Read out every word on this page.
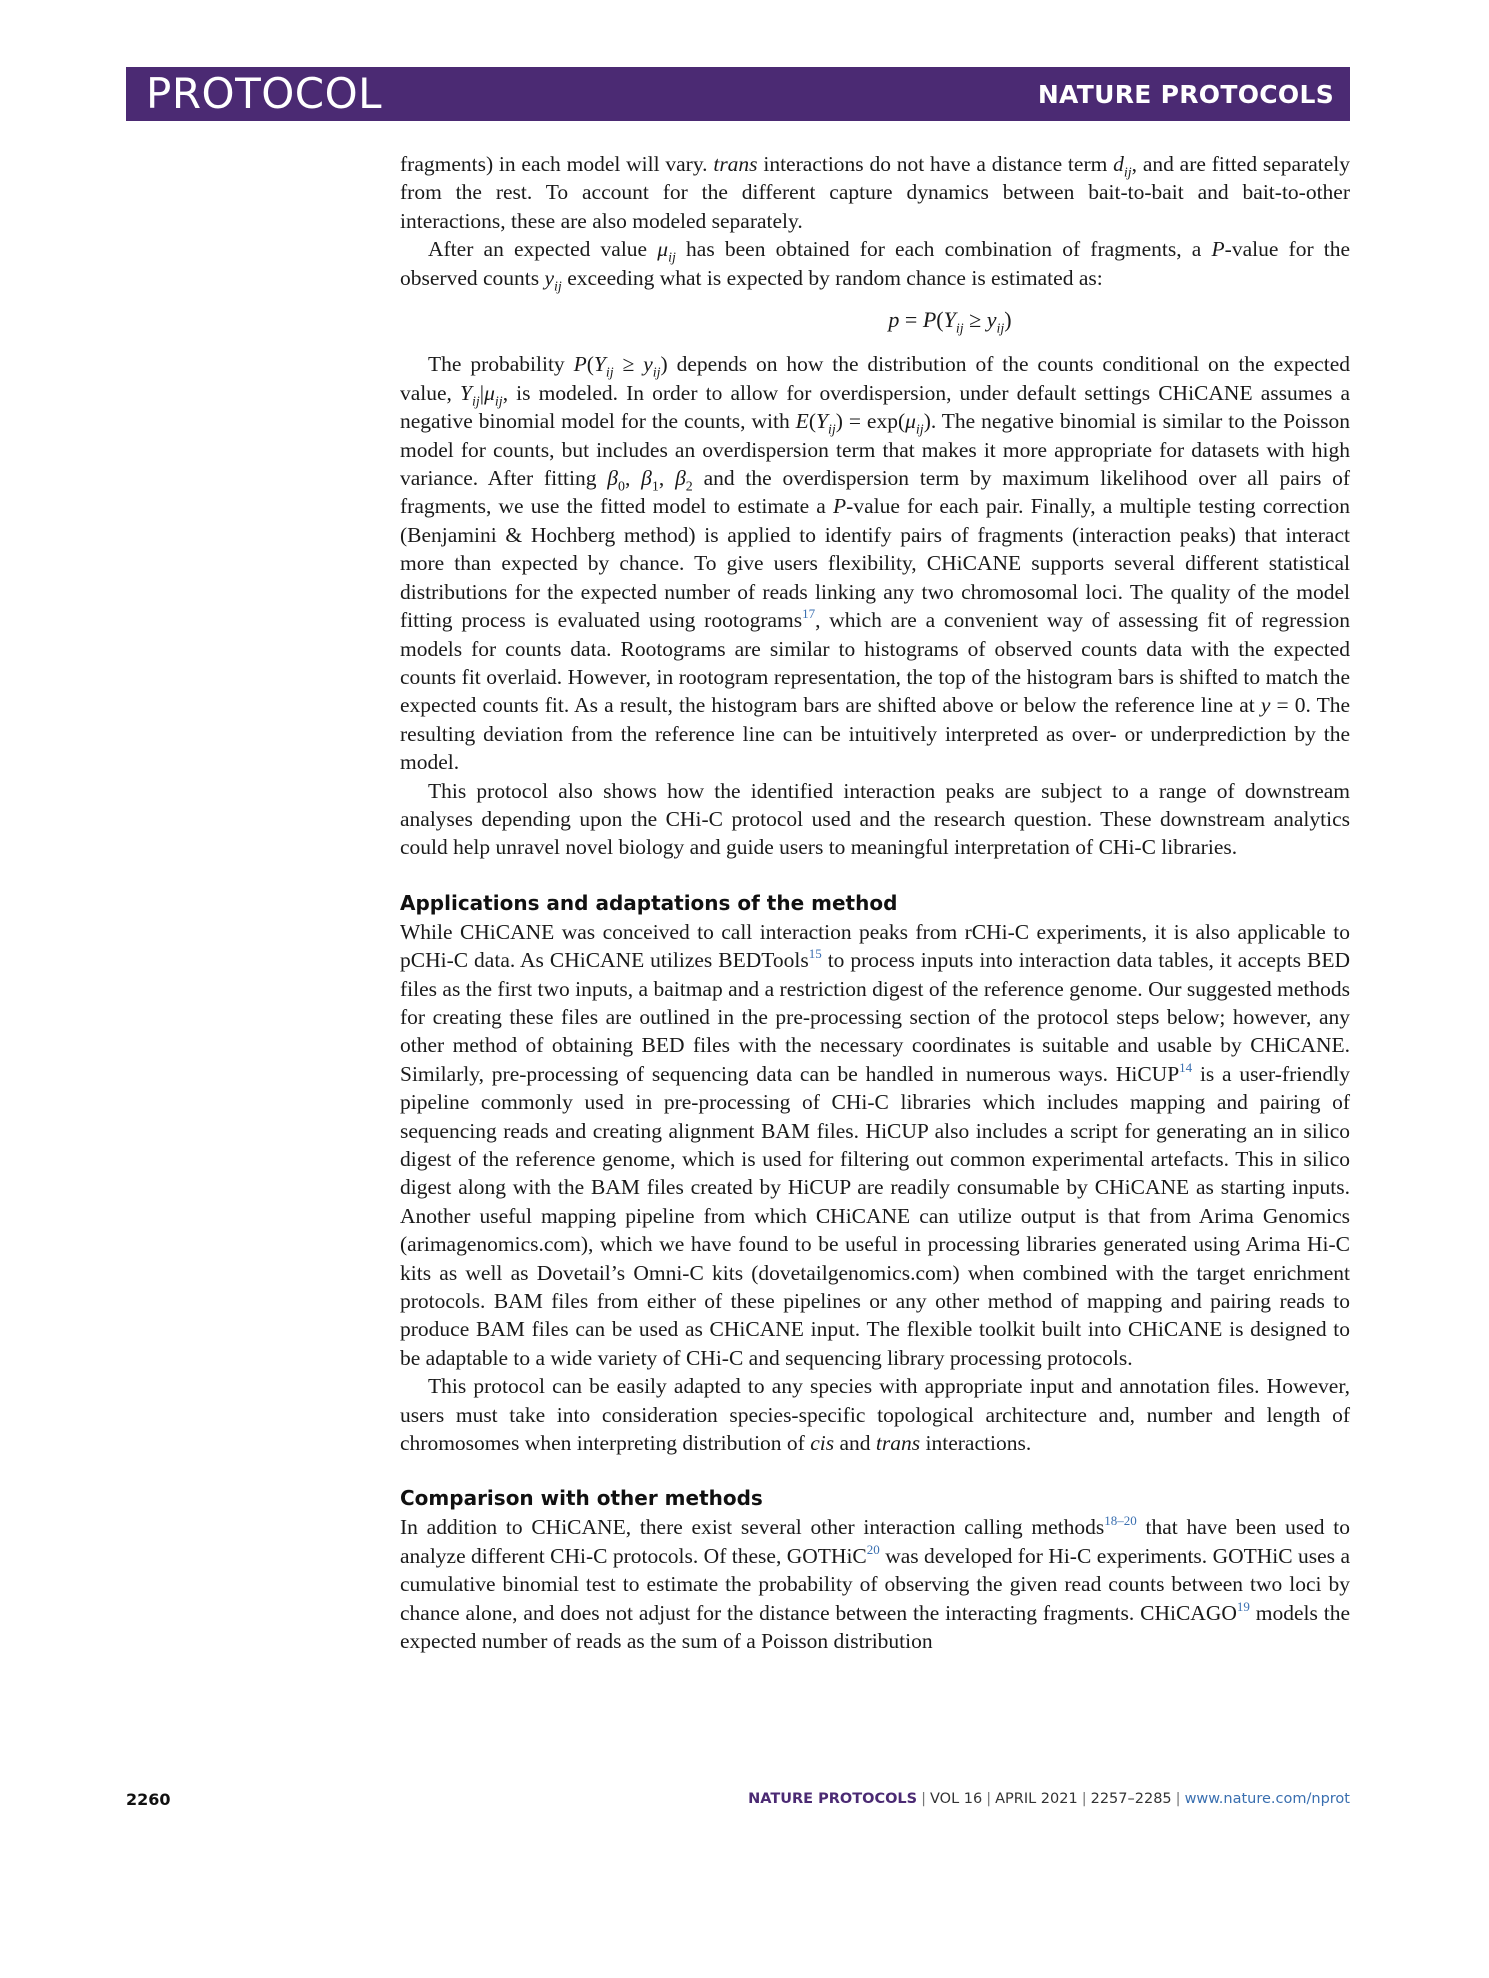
PROTOCOL	NATURE PROTOCOLS

fragments) in each model will vary. trans interactions do not have a distance term $d_{ij}$, and are fitted separately from the rest. To account for the different capture dynamics between bait-to-bait and bait-to-other interactions, these are also modeled separately.

After an expected value $\mu_{ij}$ has been obtained for each combination of fragments, a P-value for the observed counts $y_{ij}$ exceeding what is expected by random chance is estimated as:

$p = P(Y_{ij} \ge y_{ij})$

The probability $P(Y_{ij} \ge y_{ij})$ depends on how the distribution of the counts conditional on the expected value, $Y_{ij}|\mu_{ij}$, is modeled. In order to allow for overdispersion, under default settings CHiCANE assumes a negative binomial model for the counts, with $E(Y_{ij}) = \exp(\mu_{ij})$. The negative binomial is similar to the Poisson model for counts, but includes an overdispersion term that makes it more appropriate for datasets with high variance. After fitting $\beta_0$, $\beta_1$, $\beta_2$ and the overdispersion term by maximum likelihood over all pairs of fragments, we use the fitted model to estimate a P-value for each pair. Finally, a multiple testing correction (Benjamini & Hochberg method) is applied to identify pairs of fragments (interaction peaks) that interact more than expected by chance. To give users flexibility, CHiCANE supports several different statistical distributions for the expected number of reads linking any two chromosomal loci. The quality of the model fitting process is evaluated using rootograms$^{17}$, which are a convenient way of assessing fit of regression models for counts data. Rootograms are similar to histograms of observed counts data with the expected counts fit overlaid. However, in rootogram representation, the top of the histogram bars is shifted to match the expected counts fit. As a result, the histogram bars are shifted above or below the reference line at y = 0. The resulting deviation from the reference line can be intuitively interpreted as over- or underprediction by the model.

This protocol also shows how the identified interaction peaks are subject to a range of downstream analyses depending upon the CHi-C protocol used and the research question. These downstream analytics could help unravel novel biology and guide users to meaningful interpretation of CHi-C libraries.

Applications and adaptations of the method

While CHiCANE was conceived to call interaction peaks from rCHi-C experiments, it is also applicable to pCHi-C data. As CHiCANE utilizes BEDTools$^{15}$ to process inputs into interaction data tables, it accepts BED files as the first two inputs, a baitmap and a restriction digest of the reference genome. Our suggested methods for creating these files are outlined in the pre-processing section of the protocol steps below; however, any other method of obtaining BED files with the necessary coordinates is suitable and usable by CHiCANE. Similarly, pre-processing of sequencing data can be handled in numerous ways. HiCUP$^{14}$ is a user-friendly pipeline commonly used in pre-processing of CHi-C libraries which includes mapping and pairing of sequencing reads and creating alignment BAM files. HiCUP also includes a script for generating an in silico digest of the reference genome, which is used for filtering out common experimental artefacts. This in silico digest along with the BAM files created by HiCUP are readily consumable by CHiCANE as starting inputs. Another useful mapping pipeline from which CHiCANE can utilize output is that from Arima Genomics (arimagenomics.com), which we have found to be useful in processing libraries generated using Arima Hi-C kits as well as Dovetail’s Omni-C kits (dovetailgenomics.com) when combined with the target enrichment protocols. BAM files from either of these pipelines or any other method of mapping and pairing reads to produce BAM files can be used as CHiCANE input. The flexible toolkit built into CHiCANE is designed to be adaptable to a wide variety of CHi-C and sequencing library processing protocols.

This protocol can be easily adapted to any species with appropriate input and annotation files. However, users must take into consideration species-specific topological architecture and, number and length of chromosomes when interpreting distribution of cis and trans interactions.

Comparison with other methods

In addition to CHiCANE, there exist several other interaction calling methods$^{18-20}$ that have been used to analyze different CHi-C protocols. Of these, GOTHiC$^{20}$ was developed for Hi-C experiments. GOTHiC uses a cumulative binomial test to estimate the probability of observing the given read counts between two loci by chance alone, and does not adjust for the distance between the interacting fragments. CHiCAGO$^{19}$ models the expected number of reads as the sum of a Poisson distribution

2260	NATURE PROTOCOLS | VOL 16 | APRIL 2021 | 2257–2285 | www.nature.com/nprot
